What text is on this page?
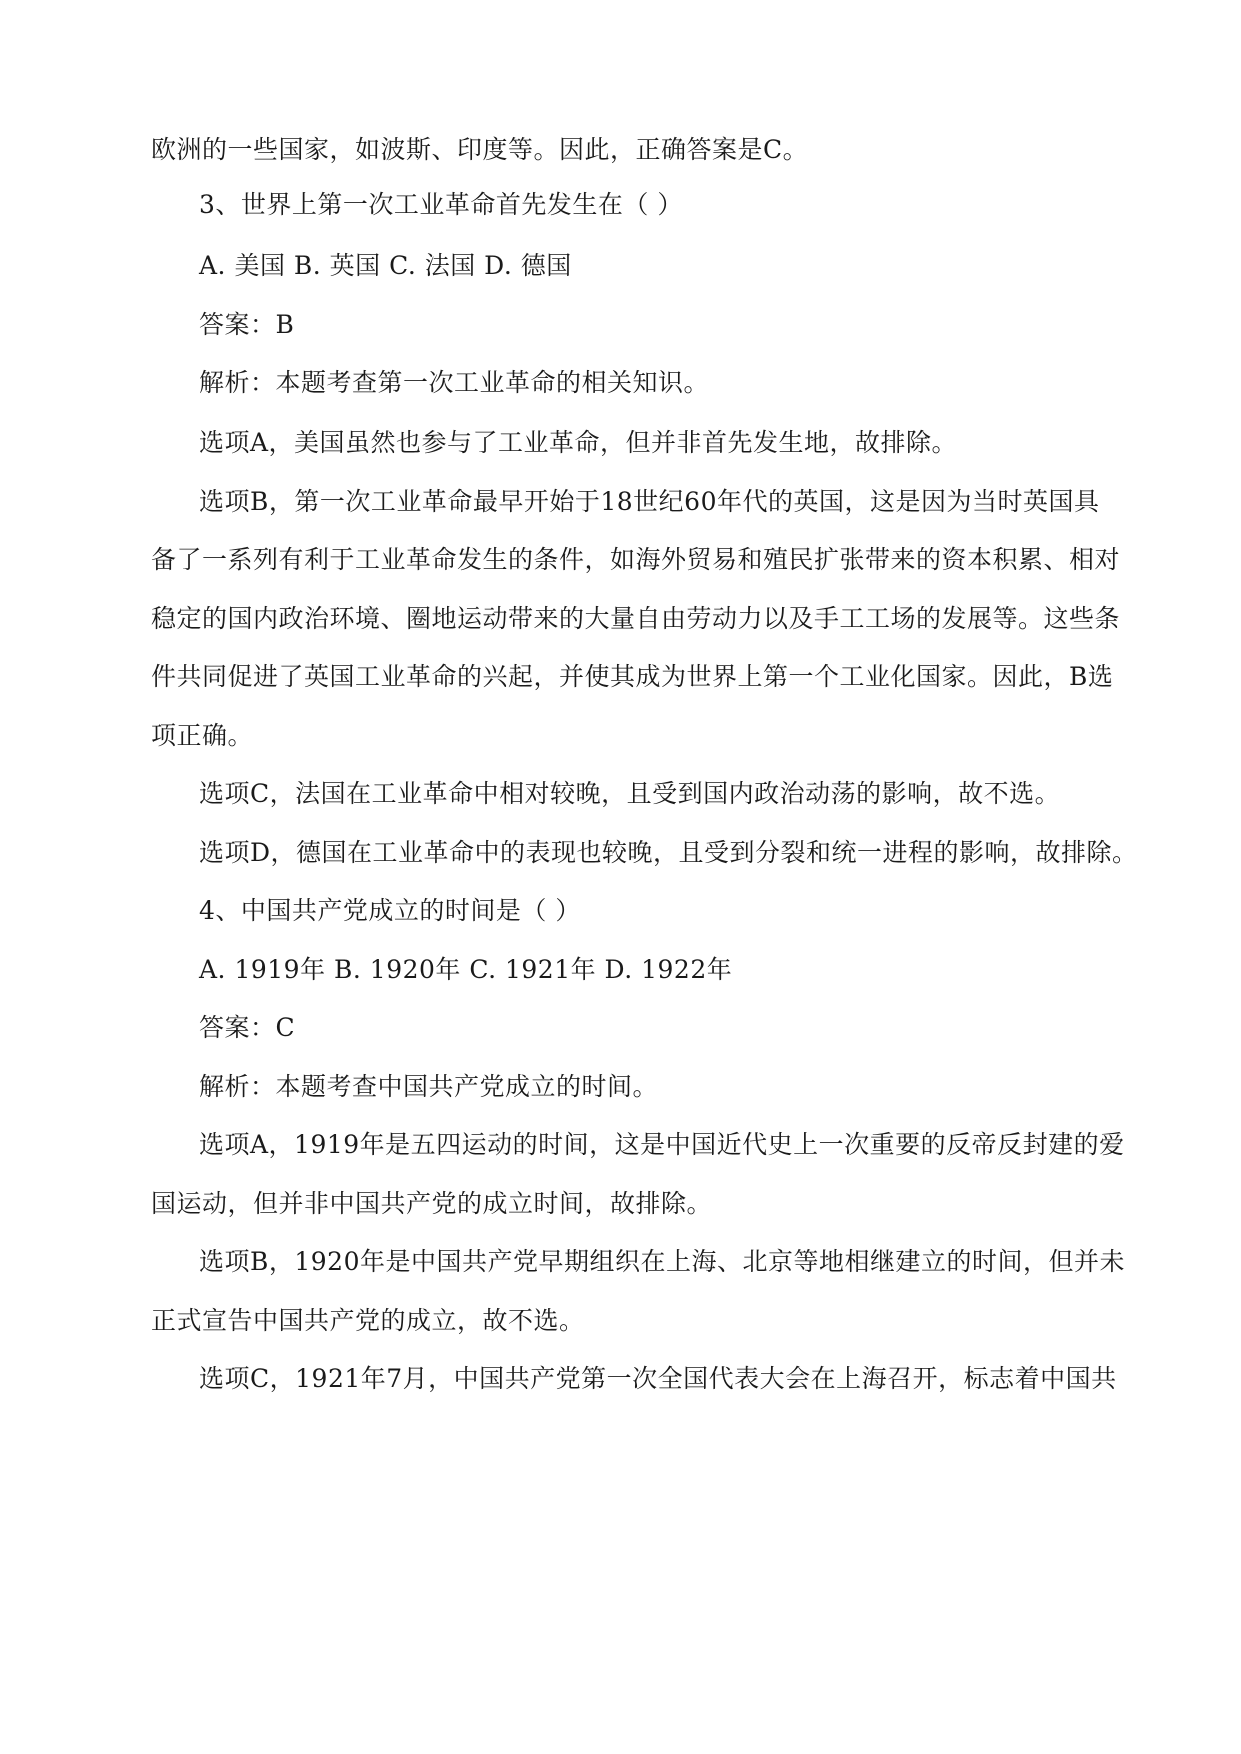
欧洲的一些国家，如波斯、印度等。因此，正确答案是C。

3、世界上第一次工业革命首先发生在（ ）

A. 美国 B. 英国 C. 法国 D. 德国

答案：B

解析：本题考查第一次工业革命的相关知识。

选项A，美国虽然也参与了工业革命，但并非首先发生地，故排除。

选项B，第一次工业革命最早开始于18世纪60年代的英国，这是因为当时英国具

备了一系列有利于工业革命发生的条件，如海外贸易和殖民扩张带来的资本积累、相对

稳定的国内政治环境、圈地运动带来的大量自由劳动力以及手工工场的发展等。这些条

件共同促进了英国工业革命的兴起，并使其成为世界上第一个工业化国家。因此，B选

项正确。

选项C，法国在工业革命中相对较晚，且受到国内政治动荡的影响，故不选。

选项D，德国在工业革命中的表现也较晚，且受到分裂和统一进程的影响，故排除。

4、中国共产党成立的时间是（ ）

A. 1919年 B. 1920年 C. 1921年 D. 1922年

答案：C

解析：本题考查中国共产党成立的时间。

选项A，1919年是五四运动的时间，这是中国近代史上一次重要的反帝反封建的爱

国运动，但并非中国共产党的成立时间，故排除。

选项B，1920年是中国共产党早期组织在上海、北京等地相继建立的时间，但并未

正式宣告中国共产党的成立，故不选。

选项C，1921年7月，中国共产党第一次全国代表大会在上海召开，标志着中国共
